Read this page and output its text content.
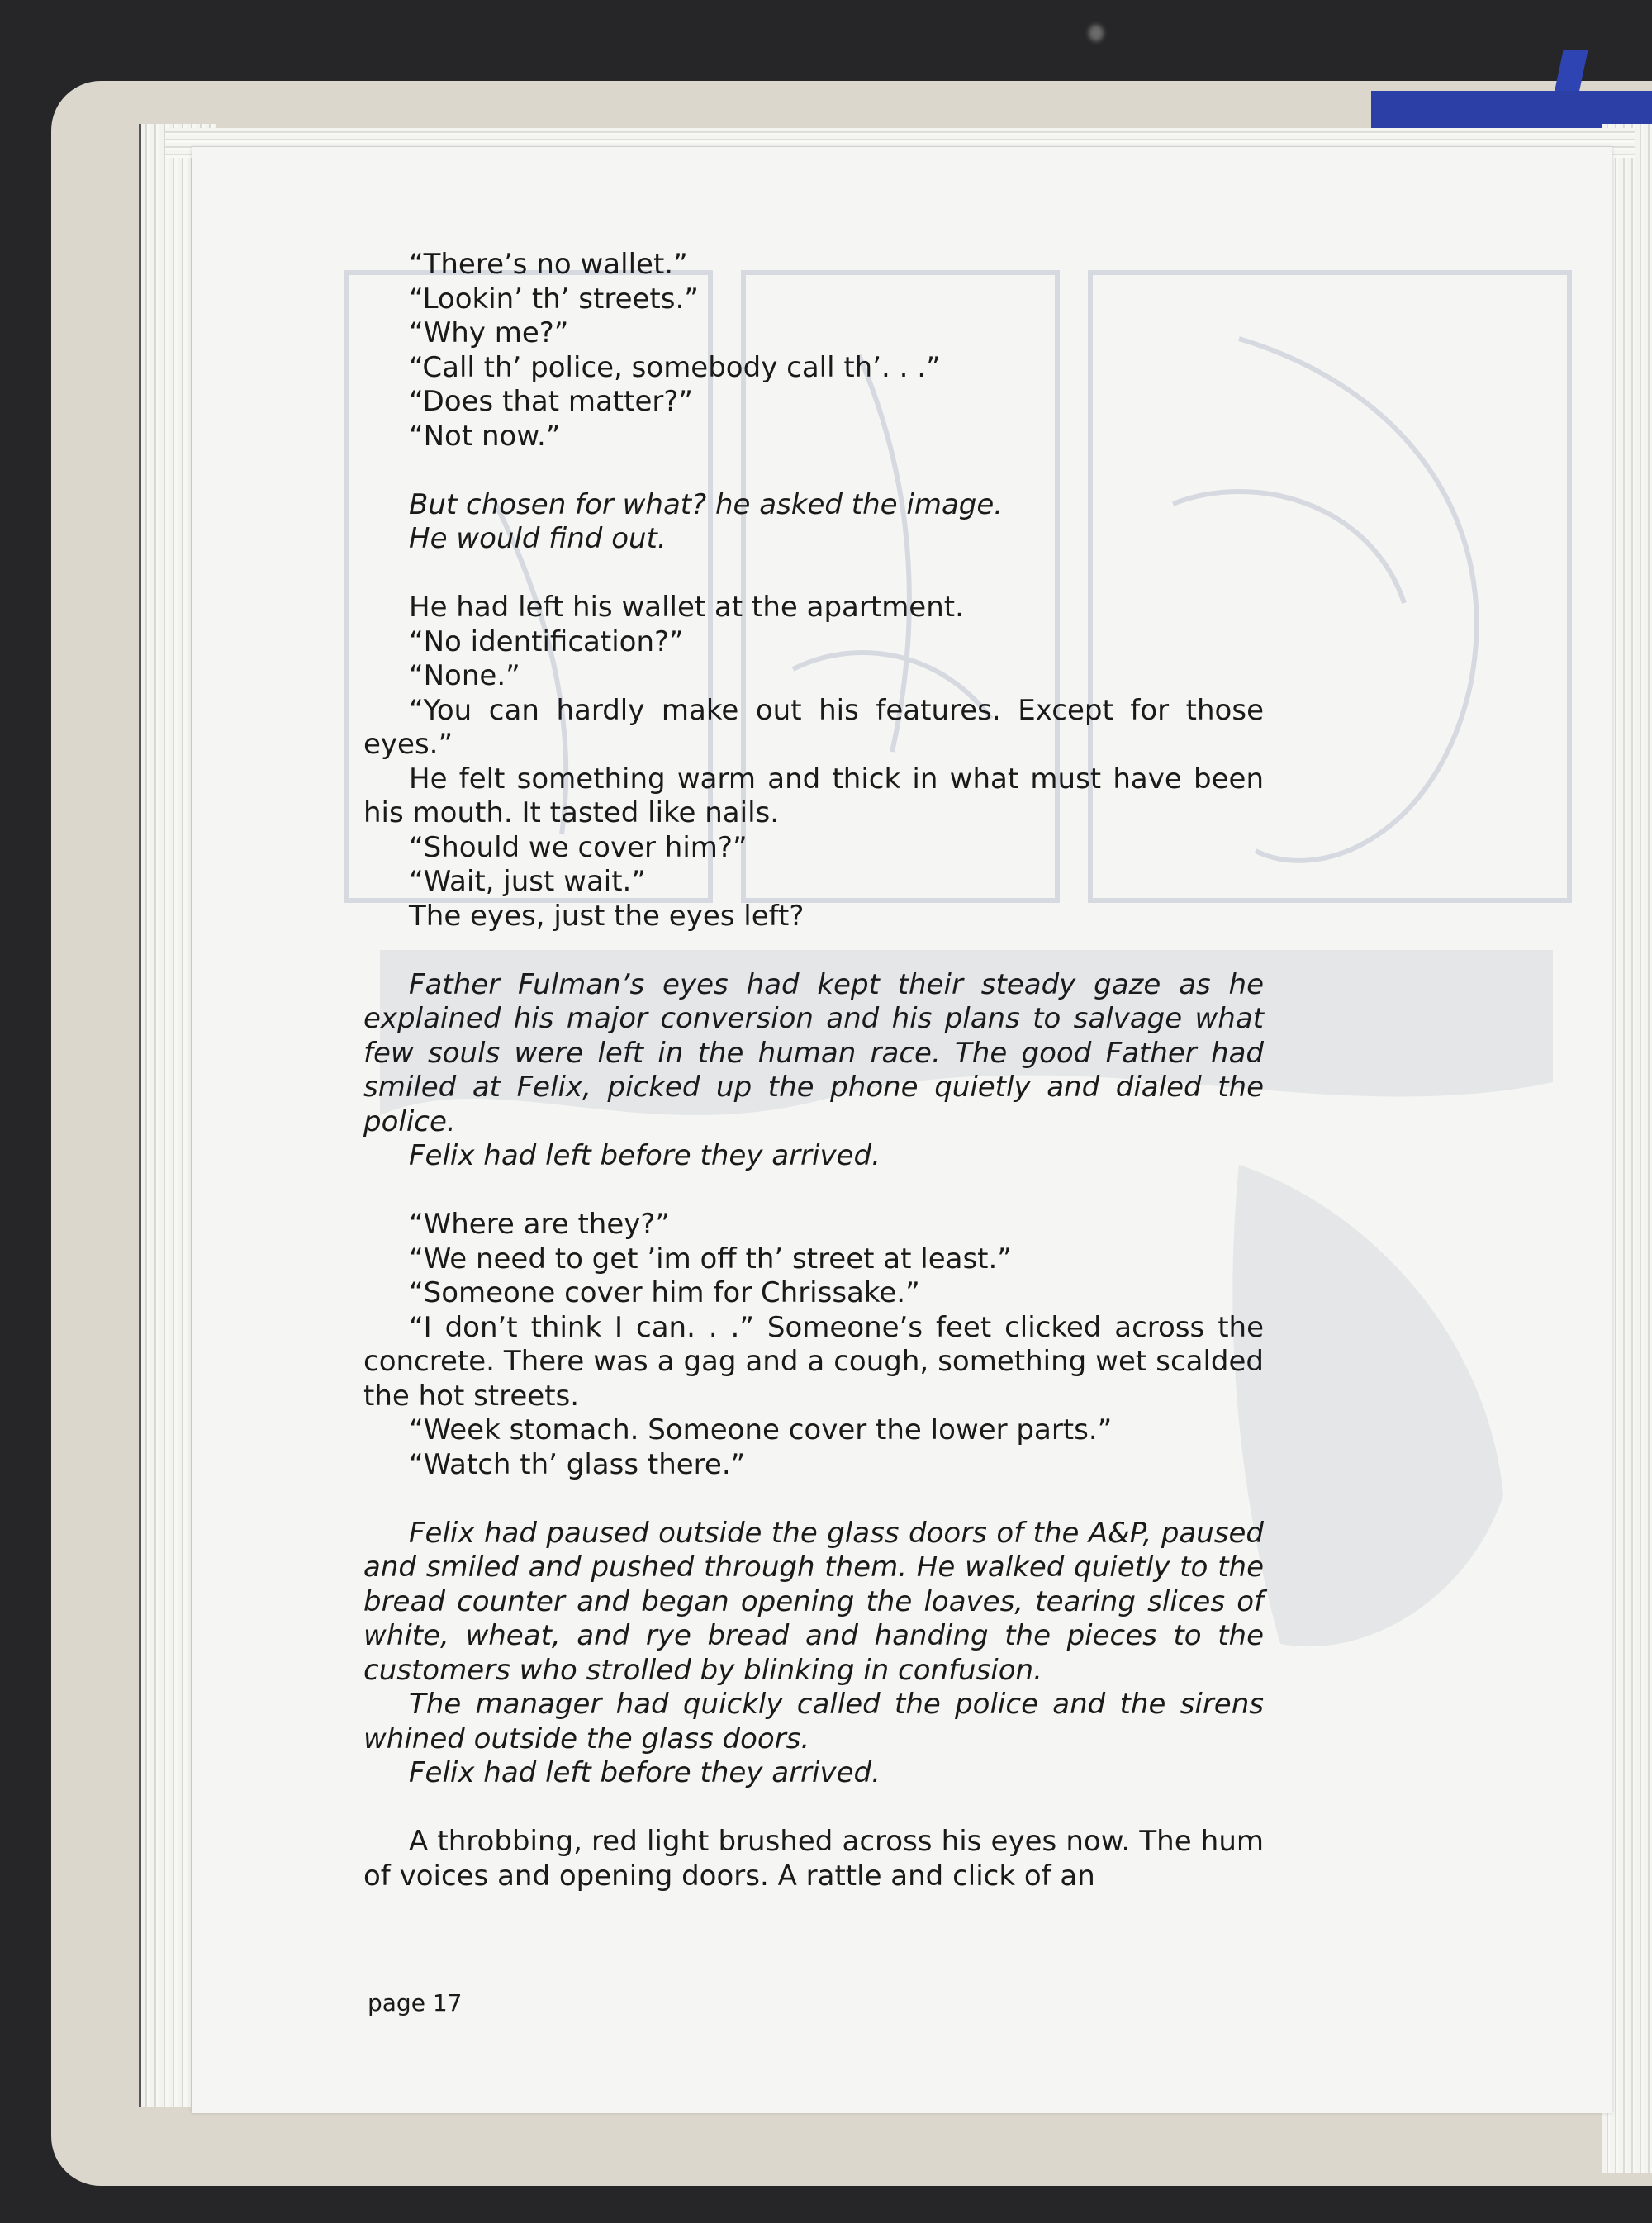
“There’s no wallet.”

“Lookin’ th’ streets.”

“Why me?”

“Call th’ police, somebody call th’. . .”

“Does that matter?”

“Not now.”

But chosen for what? he asked the image.

He would find out.

He had left his wallet at the apartment.

“No identification?”

“None.”

“You can hardly make out his features. Except for those eyes.”

He felt something warm and thick in what must have been his mouth. It tasted like nails.

“Should we cover him?”

“Wait, just wait.”

The eyes, just the eyes left?

Father Fulman’s eyes had kept their steady gaze as he explained his major conversion and his plans to salvage what few souls were left in the human race. The good Father had smiled at Felix, picked up the phone quietly and dialed the police.

Felix had left before they arrived.

“Where are they?”

“We need to get ’im off th’ street at least.”

“Someone cover him for Chrissake.”

“I don’t think I can. . .” Someone’s feet clicked across the concrete. There was a gag and a cough, something wet scalded the hot streets.

“Week stomach. Someone cover the lower parts.”

“Watch th’ glass there.”

Felix had paused outside the glass doors of the A&P, paused and smiled and pushed through them. He walked quietly to the bread counter and began opening the loaves, tearing slices of white, wheat, and rye bread and handing the pieces to the customers who strolled by blinking in confusion.

The manager had quickly called the police and the sirens whined outside the glass doors.

Felix had left before they arrived.

A throbbing, red light brushed across his eyes now. The hum of voices and opening doors. A rattle and click of an

page 17
